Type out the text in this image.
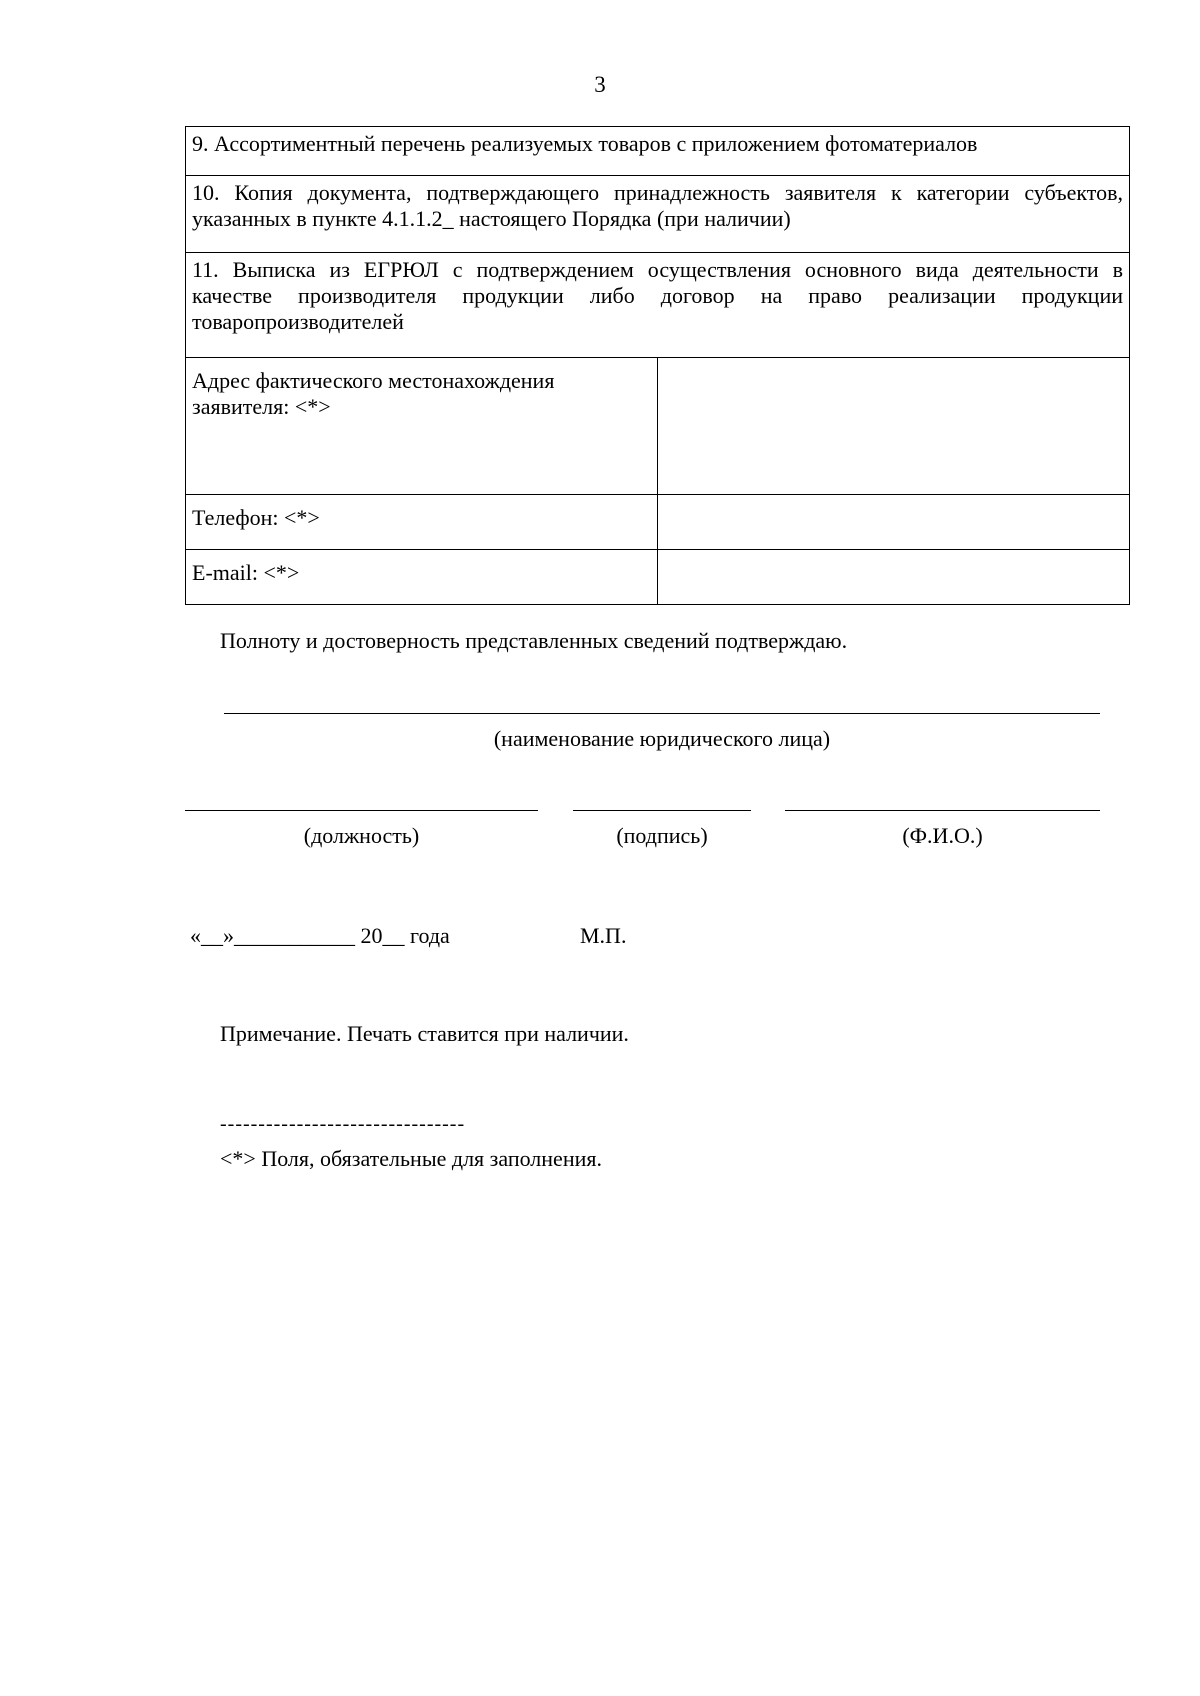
3
9. Ассортиментный перечень реализуемых товаров с приложением фотоматериалов	
10. Копия документа, подтверждающего принадлежность заявителя к категории субъектов, указанных в пункте 4.1.1.2_ настоящего Порядка (при наличии)	
11. Выписка из ЕГРЮЛ с подтверждением осуществления основного вида деятельности в качестве производителя продукции либо договор на право реализации продукции товаропроизводителей	
Адрес фактического местонахождения заявителя: <*>	
Телефон: <*>	
E-mail: <*>	
Полноту и достоверность представленных сведений подтверждаю.
(наименование юридического лица)
(должность)	(подпись)	(Ф.И.О.)
«__»___________ 20__ года	М.П.
Примечание. Печать ставится при наличии.
--------------------------------
<*> Поля, обязательные для заполнения.
